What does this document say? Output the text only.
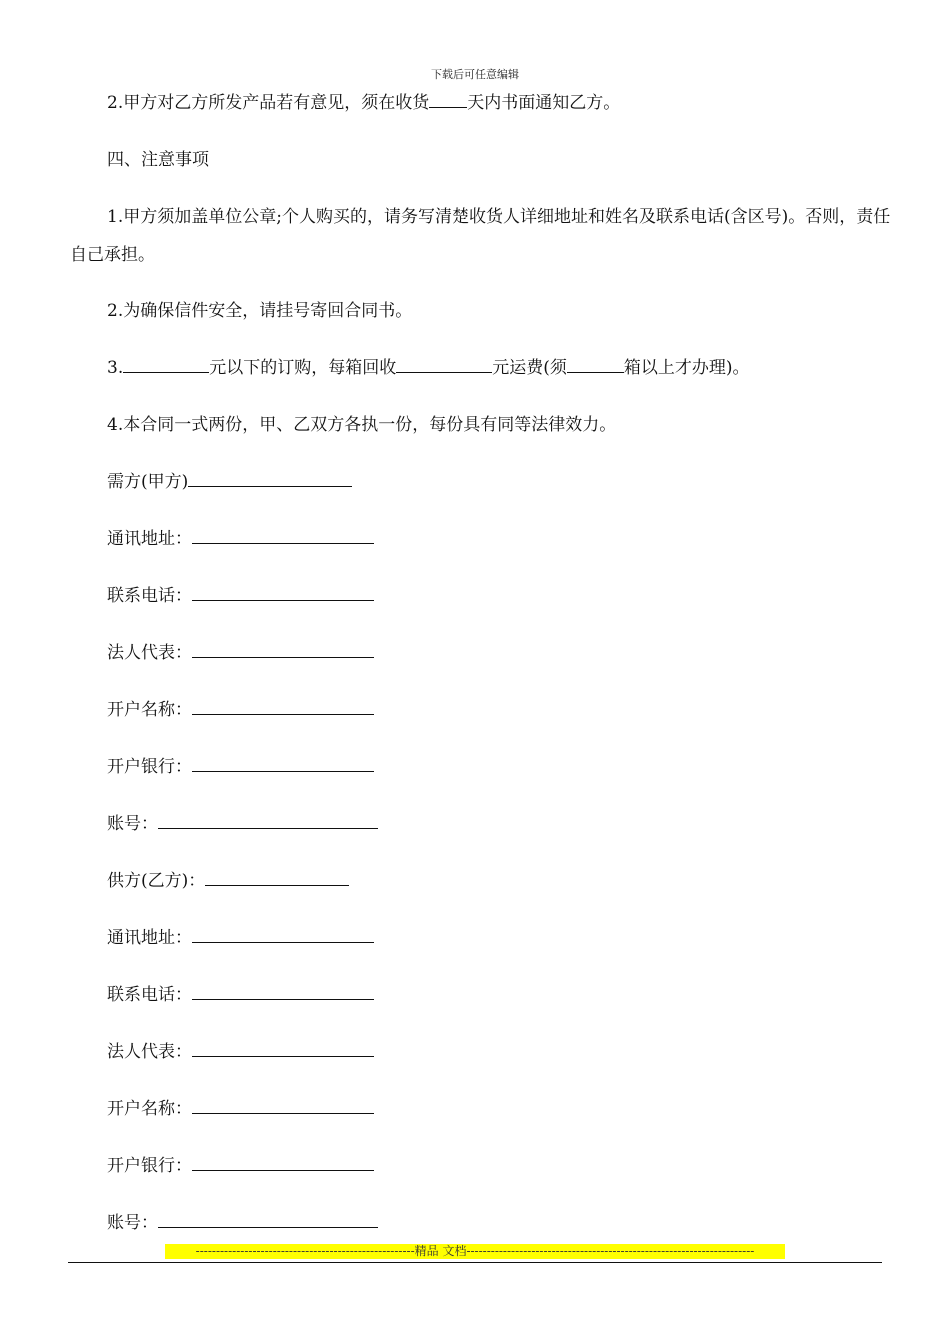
下载后可任意编辑
2.甲方对乙方所发产品若有意见，须在收货 天内书面通知乙方。
四、注意事项
1.甲方须加盖单位公章;个人购买的，请务写清楚收货人详细地址和姓名及联系电话(含区号)。否则，责任自己承担。
2.为确保信件安全，请挂号寄回合同书。
3.	元以下的订购，每箱回收	元运费(须	箱以上才办理)。
4.本合同一式两份，甲、乙双方各执一份，每份具有同等法律效力。
需方(甲方)
通讯地址：
联系电话：
法人代表：
开户名称：
开户银行：
账号：
供方(乙方)：
通讯地址：
联系电话：
法人代表：
开户名称：
开户银行：
账号：
------------------------------------------------------精品 文档-----------------------------------------------------------------------
